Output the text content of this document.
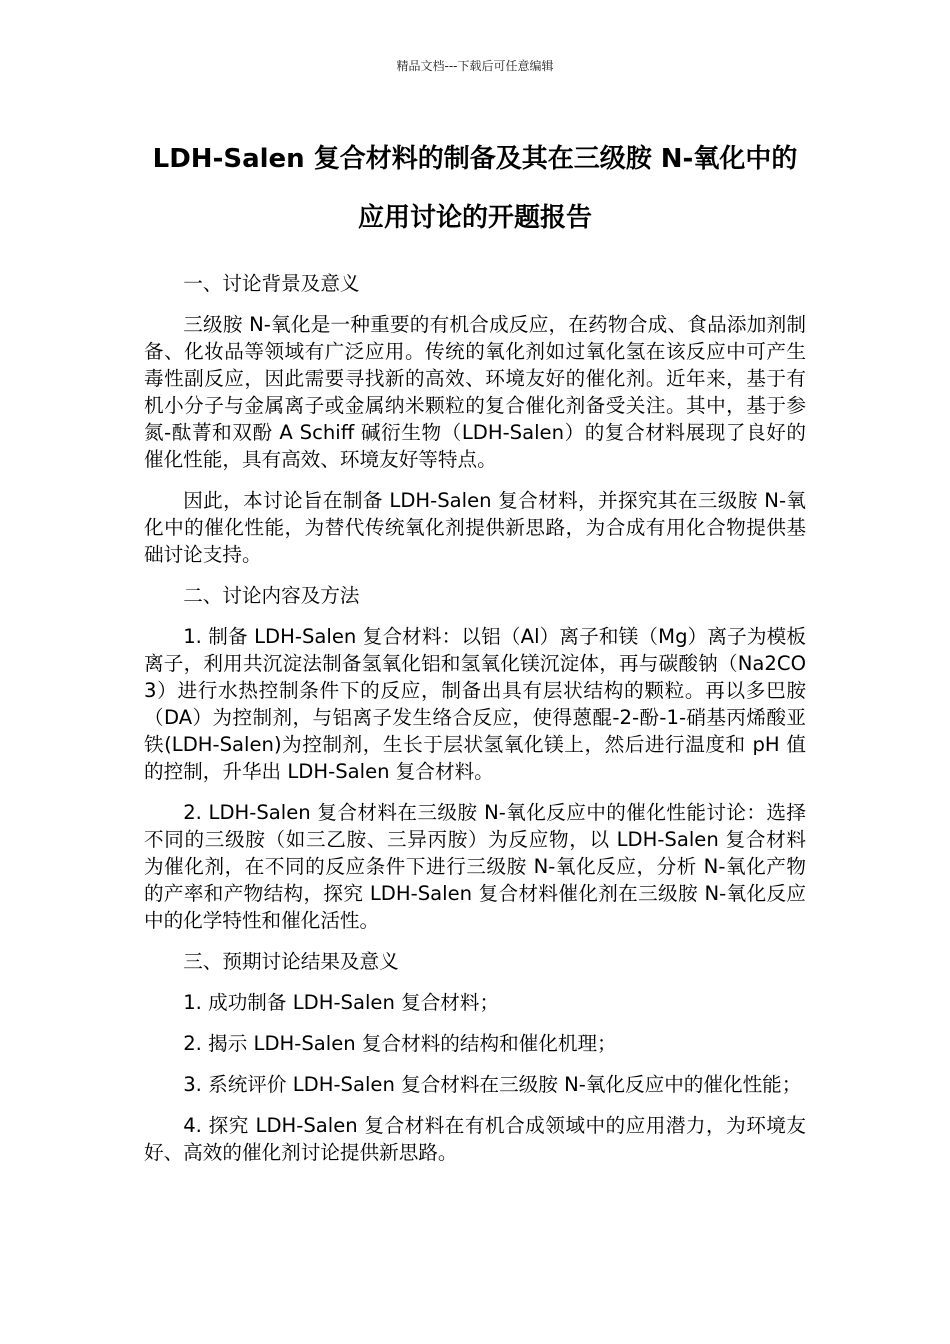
精品文档---下载后可任意编辑
LDH-Salen 复合材料的制备及其在三级胺 N-氧化中的应用讨论的开题报告

一、讨论背景及意义

三级胺 N-氧化是一种重要的有机合成反应，在药物合成、食品添加剂制备、化妆品等领域有广泛应用。传统的氧化剂如过氧化氢在该反应中可产生毒性副反应，因此需要寻找新的高效、环境友好的催化剂。近年来，基于有机小分子与金属离子或金属纳米颗粒的复合催化剂备受关注。其中，基于参氮-酞菁和双酚 A Schiff 碱衍生物（LDH-Salen）的复合材料展现了良好的催化性能，具有高效、环境友好等特点。

因此，本讨论旨在制备 LDH-Salen 复合材料，并探究其在三级胺 N-氧化中的催化性能，为替代传统氧化剂提供新思路，为合成有用化合物提供基础讨论支持。

二、讨论内容及方法

1. 制备 LDH-Salen 复合材料：以铝（Al）离子和镁（Mg）离子为模板离子，利用共沉淀法制备氢氧化铝和氢氧化镁沉淀体，再与碳酸钠（Na2CO3）进行水热控制条件下的反应，制备出具有层状结构的颗粒。再以多巴胺（DA）为控制剂，与铝离子发生络合反应，使得蒽醌-2-酚-1-硝基丙烯酸亚铁(LDH-Salen)为控制剂，生长于层状氢氧化镁上，然后进行温度和 pH 值的控制，升华出 LDH-Salen 复合材料。

2. LDH-Salen 复合材料在三级胺 N-氧化反应中的催化性能讨论：选择不同的三级胺（如三乙胺、三异丙胺）为反应物，以 LDH-Salen 复合材料为催化剂，在不同的反应条件下进行三级胺 N-氧化反应，分析 N-氧化产物的产率和产物结构，探究 LDH-Salen 复合材料催化剂在三级胺 N-氧化反应中的化学特性和催化活性。

三、预期讨论结果及意义

1. 成功制备 LDH-Salen 复合材料；

2. 揭示 LDH-Salen 复合材料的结构和催化机理；

3. 系统评价 LDH-Salen 复合材料在三级胺 N-氧化反应中的催化性能；

4. 探究 LDH-Salen 复合材料在有机合成领域中的应用潜力，为环境友好、高效的催化剂讨论提供新思路。
